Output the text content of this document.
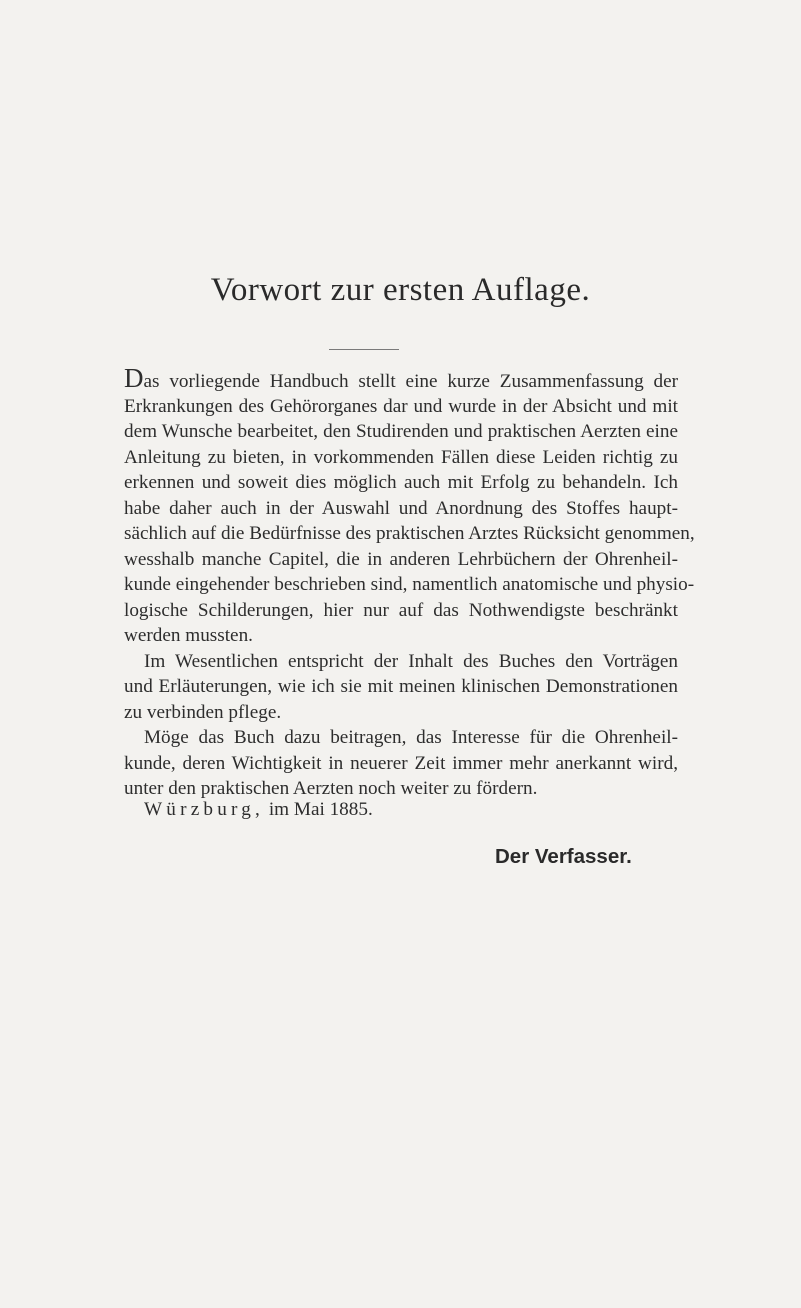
Vorwort zur ersten Auflage.
Das vorliegende Handbuch stellt eine kurze Zusammenfassung der
Erkrankungen des Gehörorganes dar und wurde in der Absicht und mit
dem Wunsche bearbeitet, den Studirenden und praktischen Aerzten eine
Anleitung zu bieten, in vorkommenden Fällen diese Leiden richtig zu
erkennen und soweit dies möglich auch mit Erfolg zu behandeln. Ich
habe daher auch in der Auswahl und Anordnung des Stoffes haupt-
sächlich auf die Bedürfnisse des praktischen Arztes Rücksicht genommen,
wesshalb manche Capitel, die in anderen Lehrbüchern der Ohrenheil-
kunde eingehender beschrieben sind, namentlich anatomische und physio-
logische Schilderungen, hier nur auf das Nothwendigste beschränkt
werden mussten.
Im Wesentlichen entspricht der Inhalt des Buches den Vorträgen
und Erläuterungen, wie ich sie mit meinen klinischen Demonstrationen
zu verbinden pflege.
Möge das Buch dazu beitragen, das Interesse für die Ohrenheil-
kunde, deren Wichtigkeit in neuerer Zeit immer mehr anerkannt wird,
unter den praktischen Aerzten noch weiter zu fördern.
Würzburg, im Mai 1885.
Der Verfasser.
